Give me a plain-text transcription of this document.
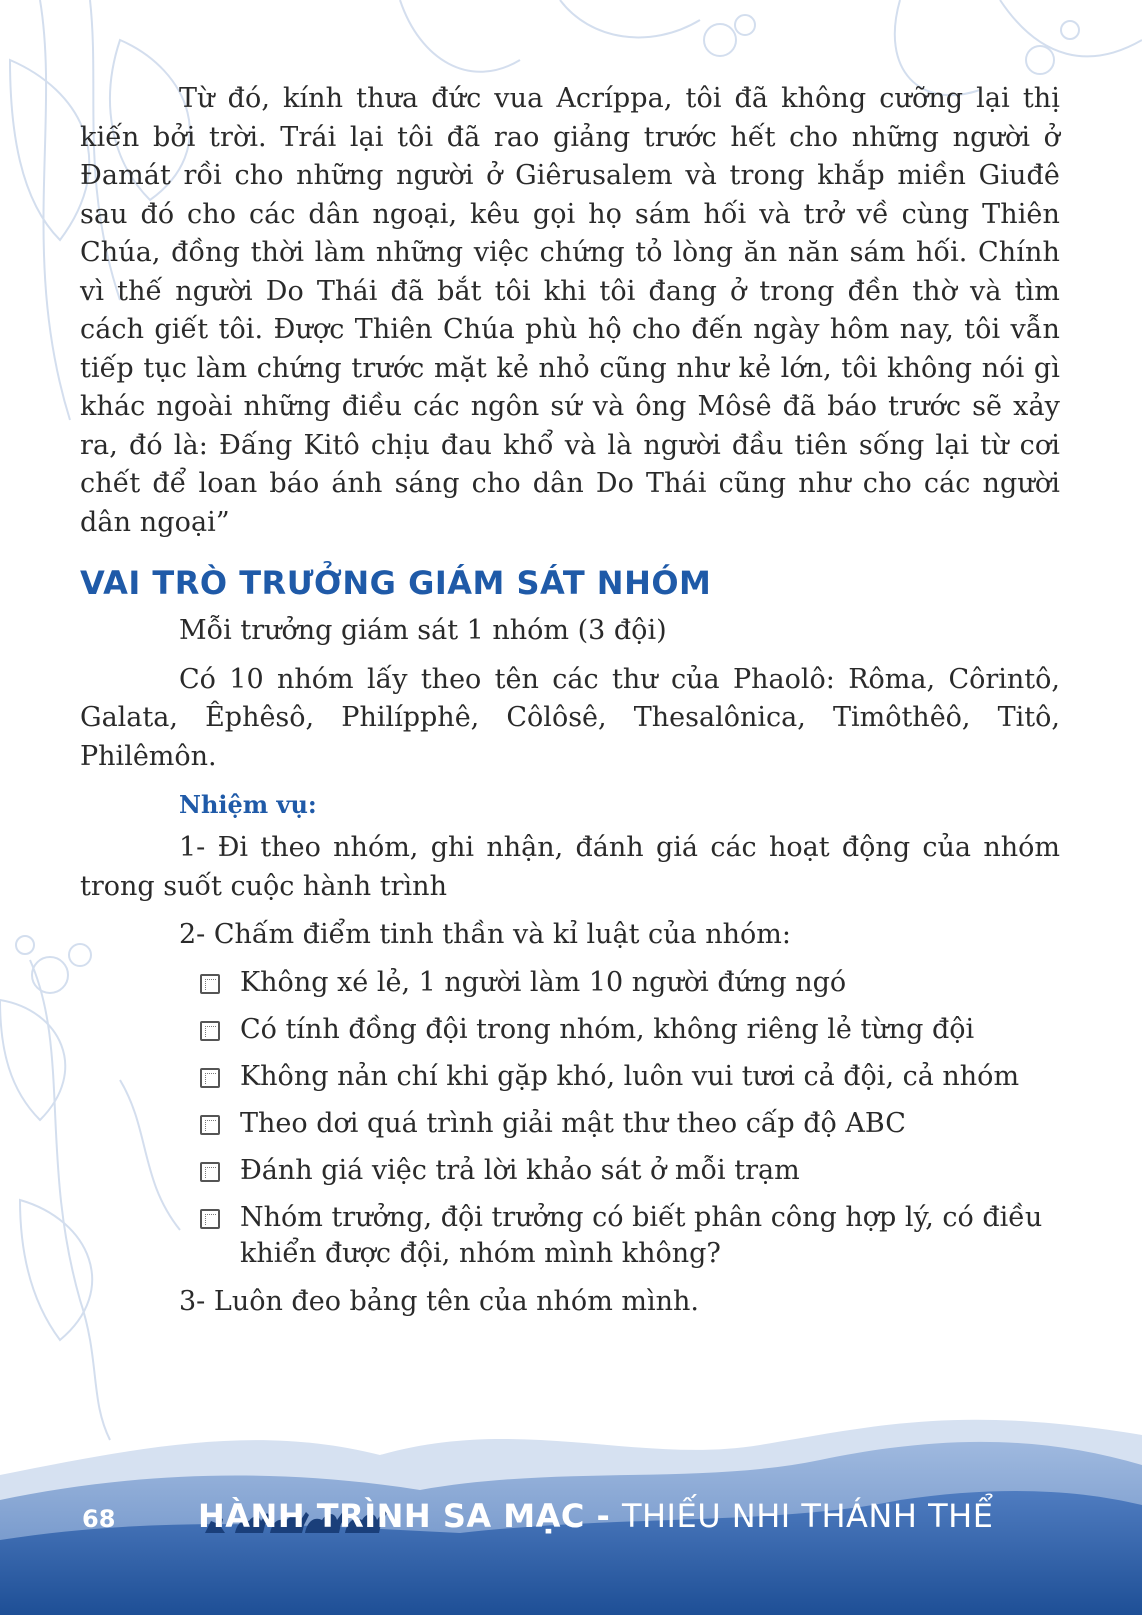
Từ đó, kính thưa đức vua Acríppa, tôi đã không cưỡng lại thị kiến bởi trời. Trái lại tôi đã rao giảng trước hết cho những người ở Đamát rồi cho những người ở Giêrusalem và trong khắp miền Giuđê sau đó cho các dân ngoại, kêu gọi họ sám hối và trở về cùng Thiên Chúa, đồng thời làm những việc chứng tỏ lòng ăn năn sám hối. Chính vì thế người Do Thái đã bắt tôi khi tôi đang ở trong đền thờ và tìm cách giết tôi. Được Thiên Chúa phù hộ cho đến ngày hôm nay, tôi vẫn tiếp tục làm chứng trước mặt kẻ nhỏ cũng như kẻ lớn, tôi không nói gì khác ngoài những điều các ngôn sứ và ông Môsê đã báo trước sẽ xảy ra, đó là: Đấng Kitô chịu đau khổ và là người đầu tiên sống lại từ cơi chết để loan báo ánh sáng cho dân Do Thái cũng như cho các người dân ngoại”

VAI TRÒ TRƯỞNG GIÁM SÁT NHÓM

Mỗi trưởng giám sát 1 nhóm (3 đội)

Có 10 nhóm lấy theo tên các thư của Phaolô: Rôma, Côrintô, Galata, Êphêsô, Philípphê, Côlôsê, Thesalônica, Timôthêô, Titô, Philêmôn.

Nhiệm vụ:

1- Đi theo nhóm, ghi nhận, đánh giá các hoạt động của nhóm trong suốt cuộc hành trình

2- Chấm điểm tinh thần và kỉ luật của nhóm:

Không xé lẻ, 1 người làm 10 người đứng ngó
Có tính đồng đội trong nhóm, không riêng lẻ từng đội
Không nản chí khi gặp khó, luôn vui tươi cả đội, cả nhóm
Theo dơi quá trình giải mật thư theo cấp độ ABC
Đánh giá việc trả lời khảo sát ở mỗi trạm
Nhóm trưởng, đội trưởng có biết phân công hợp lý, có điều khiển được đội, nhóm mình không?

3- Luôn đeo bảng tên của nhóm mình.

68	HÀNH TRÌNH SA MẠC - THIẾU NHI THÁNH THỂ
